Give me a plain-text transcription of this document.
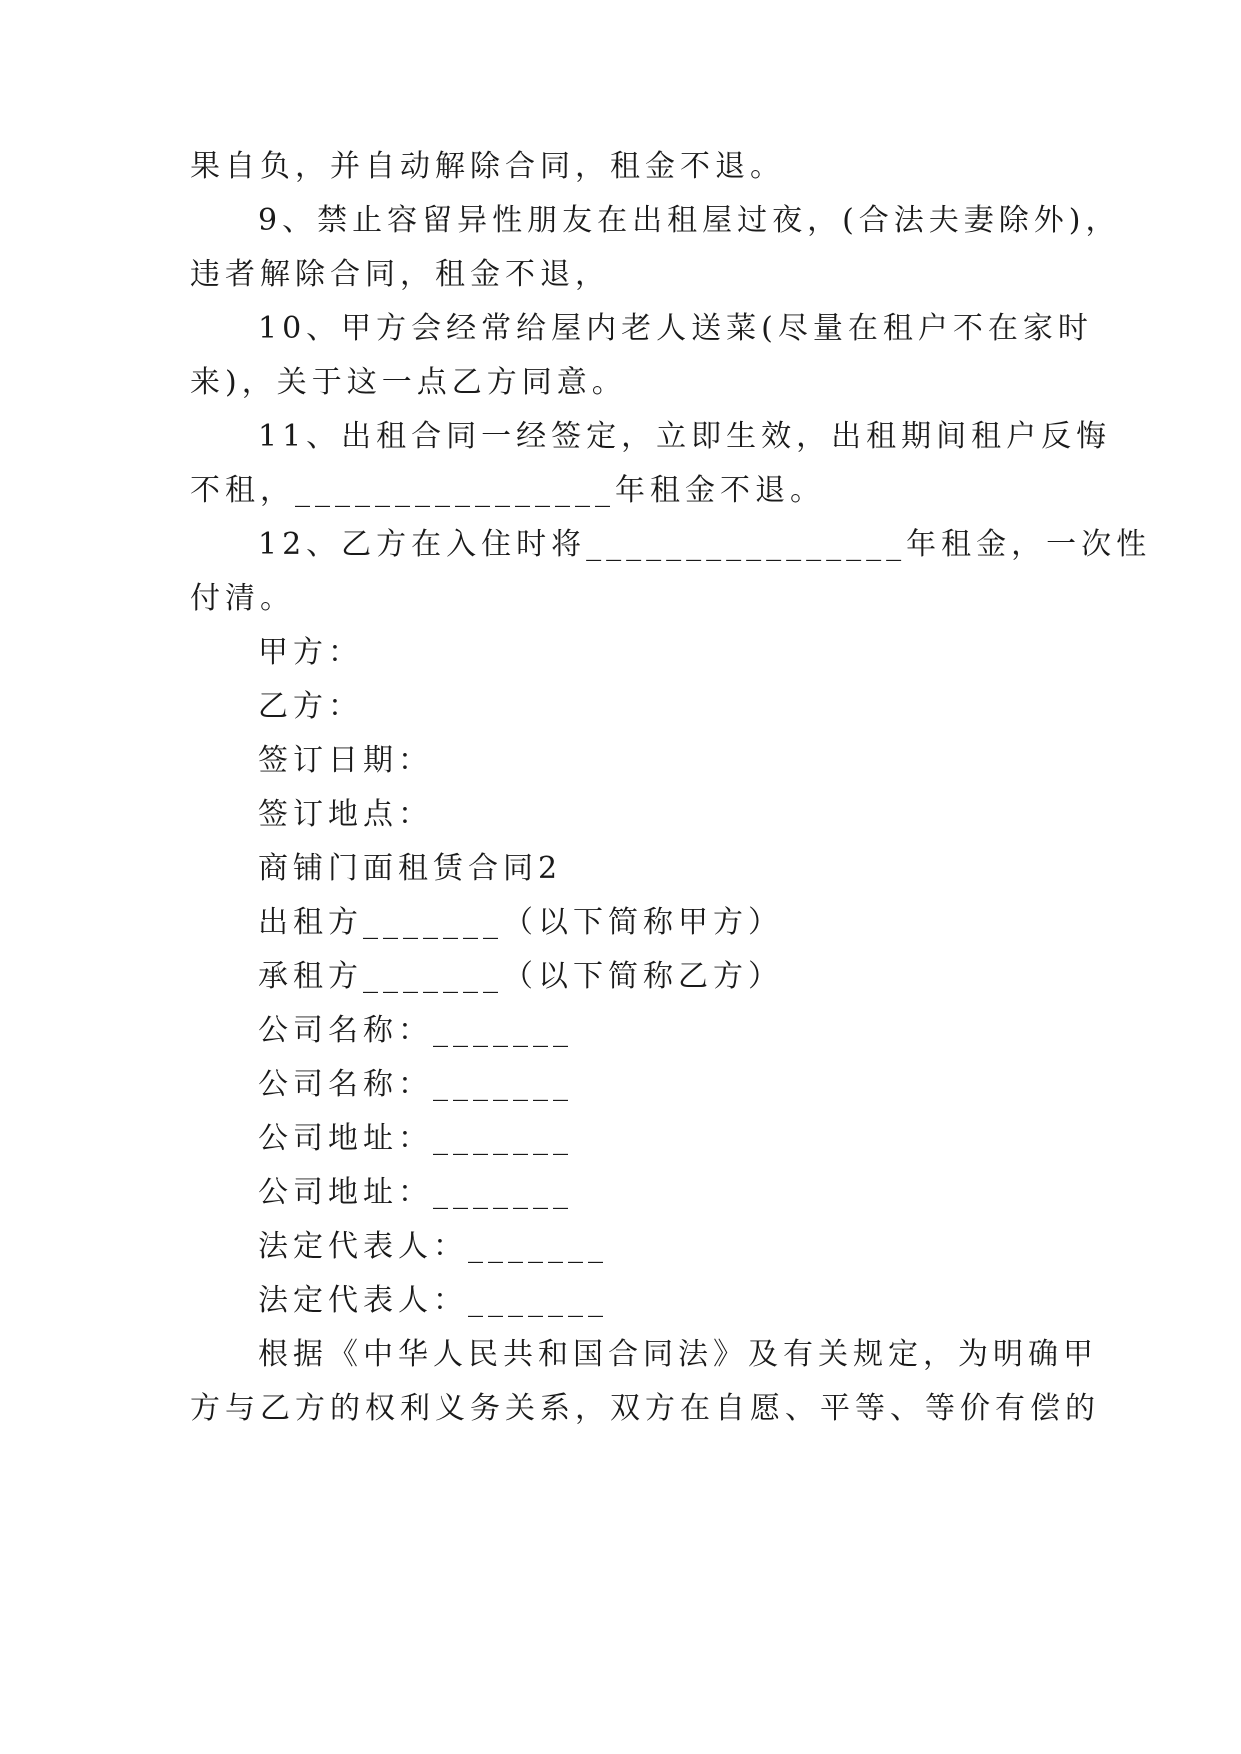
果自负，并自动解除合同，租金不退。
9、禁止容留异性朋友在出租屋过夜，(合法夫妻除外)，
违者解除合同，租金不退，
10、甲方会经常给屋内老人送菜(尽量在租户不在家时
来)，关于这一点乙方同意。
11、出租合同一经签定，立即生效，出租期间租户反悔
不租，________________年租金不退。
12、乙方在入住时将________________年租金，一次性
付清。
甲方：
乙方：
签订日期：
签订地点：
商铺门面租赁合同2
出租方_______（以下简称甲方）
承租方_______（以下简称乙方）
公司名称：_______
公司名称：_______
公司地址：_______
公司地址：_______
法定代表人：_______
法定代表人：_______
根据《中华人民共和国合同法》及有关规定，为明确甲
方与乙方的权利义务关系，双方在自愿、平等、等价有偿的
